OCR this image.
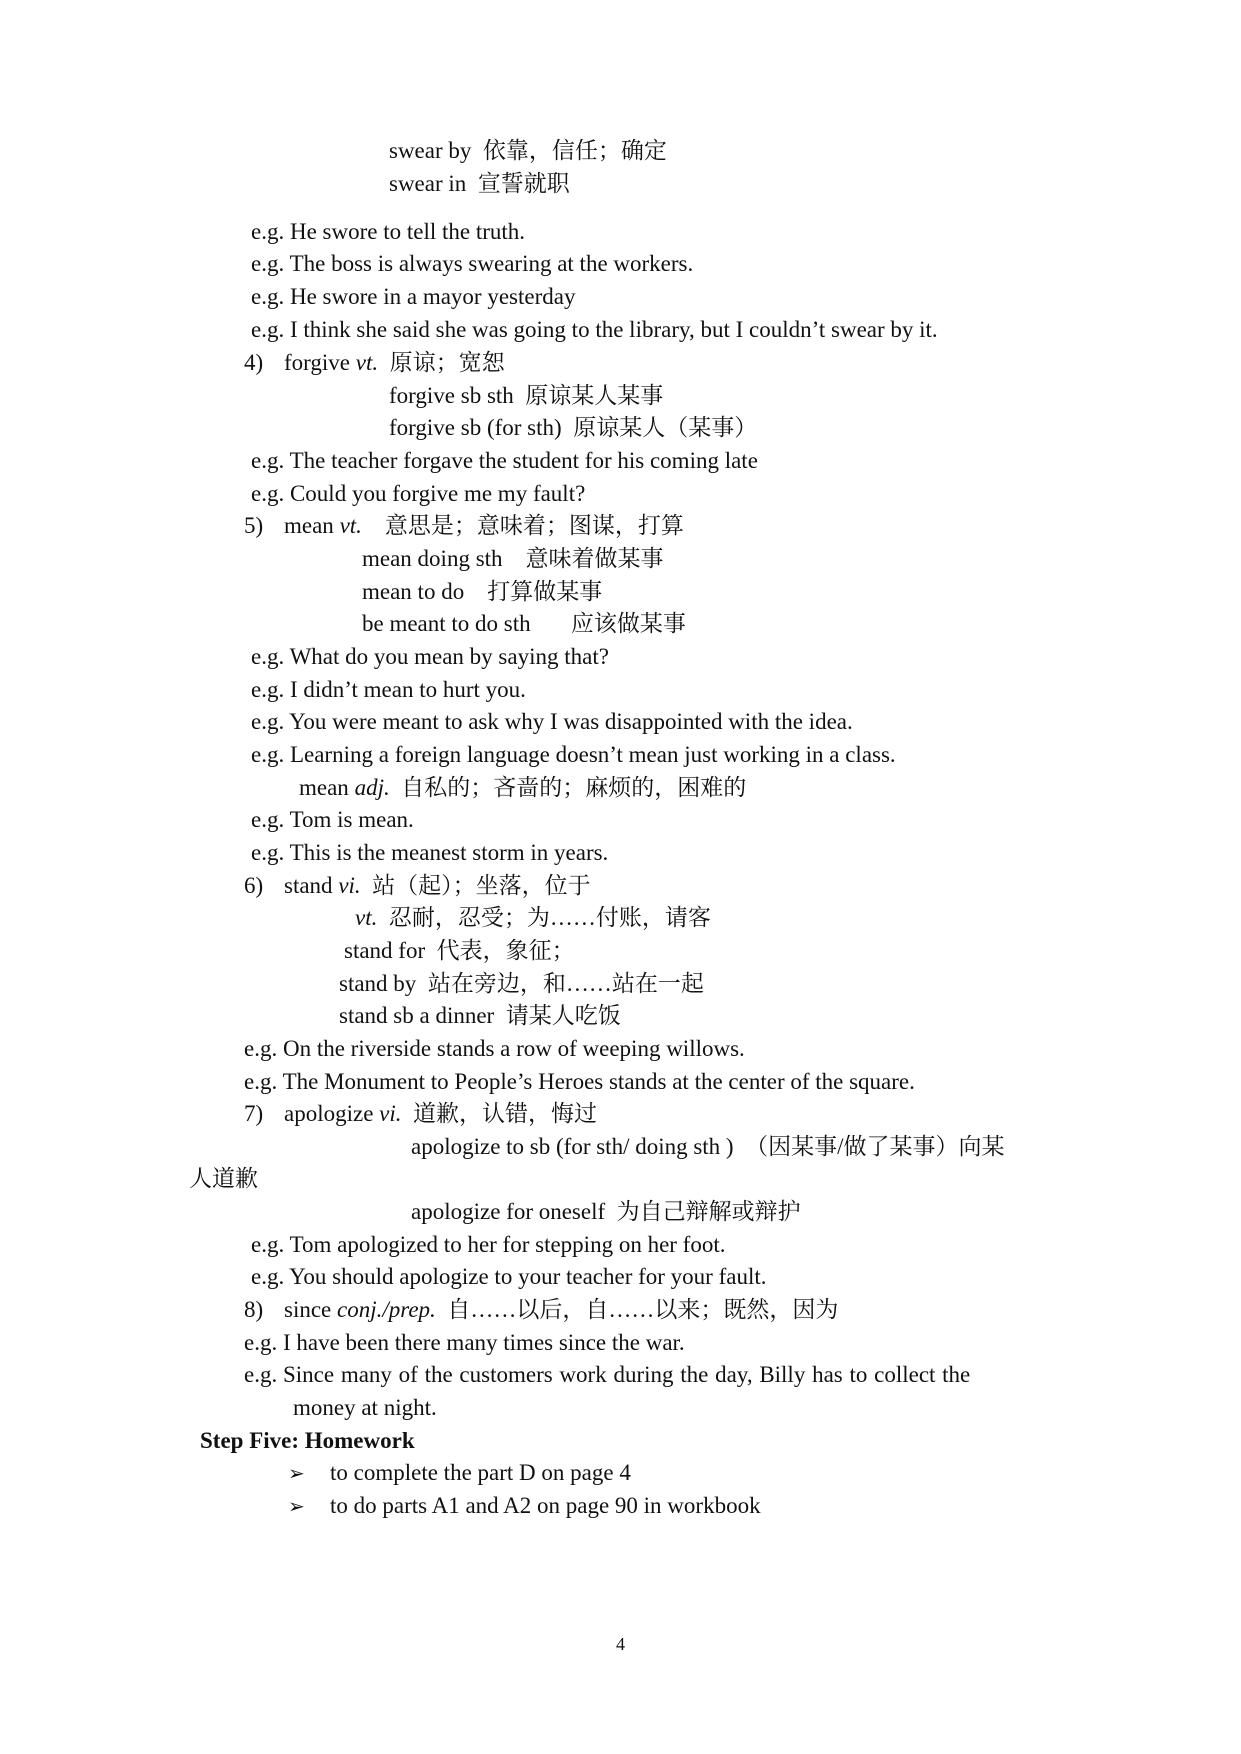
swear by 依靠，信任；确定
swear in 宣誓就职
e.g. He swore to tell the truth.
e.g. The boss is always swearing at the workers.
e.g. He swore in a mayor yesterday
e.g. I think she said she was going to the library, but I couldn’t swear by it.
4) forgive vt. 原谅；宽恕
forgive sb sth 原谅某人某事
forgive sb (for sth) 原谅某人（某事）
e.g. The teacher forgave the student for his coming late
e.g. Could you forgive me my fault?
5) mean vt. 意思是；意味着；图谋，打算
mean doing sth 意味着做某事
mean to do 打算做某事
be meant to do sth 应该做某事
e.g. What do you mean by saying that?
e.g. I didn’t mean to hurt you.
e.g. You were meant to ask why I was disappointed with the idea.
e.g. Learning a foreign language doesn’t mean just working in a class.
mean adj. 自私的；吝啬的；麻烦的，困难的
e.g. Tom is mean.
e.g. This is the meanest storm in years.
6) stand vi. 站（起）；坐落，位于
vt. 忍耐，忍受；为……付账，请客
stand for 代表，象征；
stand by 站在旁边，和……站在一起
stand sb a dinner 请某人吃饭
e.g. On the riverside stands a row of weeping willows.
e.g. The Monument to People’s Heroes stands at the center of the square.
7) apologize vi. 道歉，认错，悔过
apologize to sb (for sth/ doing sth ) （因某事/做了某事）向某
人道歉
apologize for oneself 为自己辩解或辩护
e.g. Tom apologized to her for stepping on her foot.
e.g. You should apologize to your teacher for your fault.
8) since conj./prep. 自……以后，自……以来；既然，因为
e.g. I have been there many times since the war.
e.g. Since many of the customers work during the day, Billy has to collect the
money at night.
Step Five: Homework
➢ to complete the part D on page 4
➢ to do parts A1 and A2 on page 90 in workbook
4
